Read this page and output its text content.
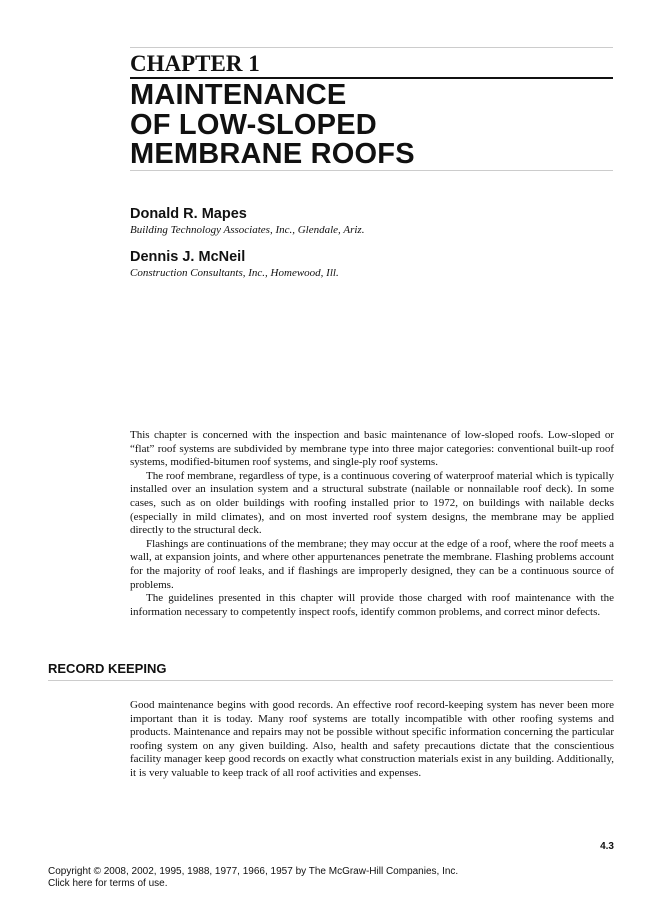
CHAPTER 1
MAINTENANCE
OF LOW-SLOPED
MEMBRANE ROOFS
Donald R. Mapes
Building Technology Associates, Inc., Glendale, Ariz.
Dennis J. McNeil
Construction Consultants, Inc., Homewood, Ill.

This chapter is concerned with the inspection and basic maintenance of low-sloped roofs. Low-sloped or “flat” roof systems are subdivided by membrane type into three major categories: conventional built-up roof systems, modified-bitumen roof systems, and single-ply roof systems.

The roof membrane, regardless of type, is a continuous covering of waterproof material which is typically installed over an insulation system and a structural substrate (nailable or nonnailable roof deck). In some cases, such as on older buildings with roofing installed prior to 1972, on buildings with nailable decks (especially in mild climates), and on most inverted roof system designs, the membrane may be applied directly to the structural deck.

Flashings are continuations of the membrane; they may occur at the edge of a roof, where the roof meets a wall, at expansion joints, and where other appurtenances penetrate the membrane. Flashing problems account for the majority of roof leaks, and if flashings are improperly designed, they can be a continuous source of problems.

The guidelines presented in this chapter will provide those charged with roof maintenance with the information necessary to competently inspect roofs, identify common problems, and correct minor defects.

RECORD KEEPING

Good maintenance begins with good records. An effective roof record-keeping system has never been more important than it is today. Many roof systems are totally incompatible with other roofing systems and products. Maintenance and repairs may not be possible without specific information concerning the particular roofing system on any given building. Also, health and safety precautions dictate that the conscientious facility manager keep good records on exactly what construction materials exist in any building. Additionally, it is very valuable to keep track of all roof activities and expenses.

4.3
Copyright © 2008, 2002, 1995, 1988, 1977, 1966, 1957 by The McGraw-Hill Companies, Inc.
Click here for terms of use.
